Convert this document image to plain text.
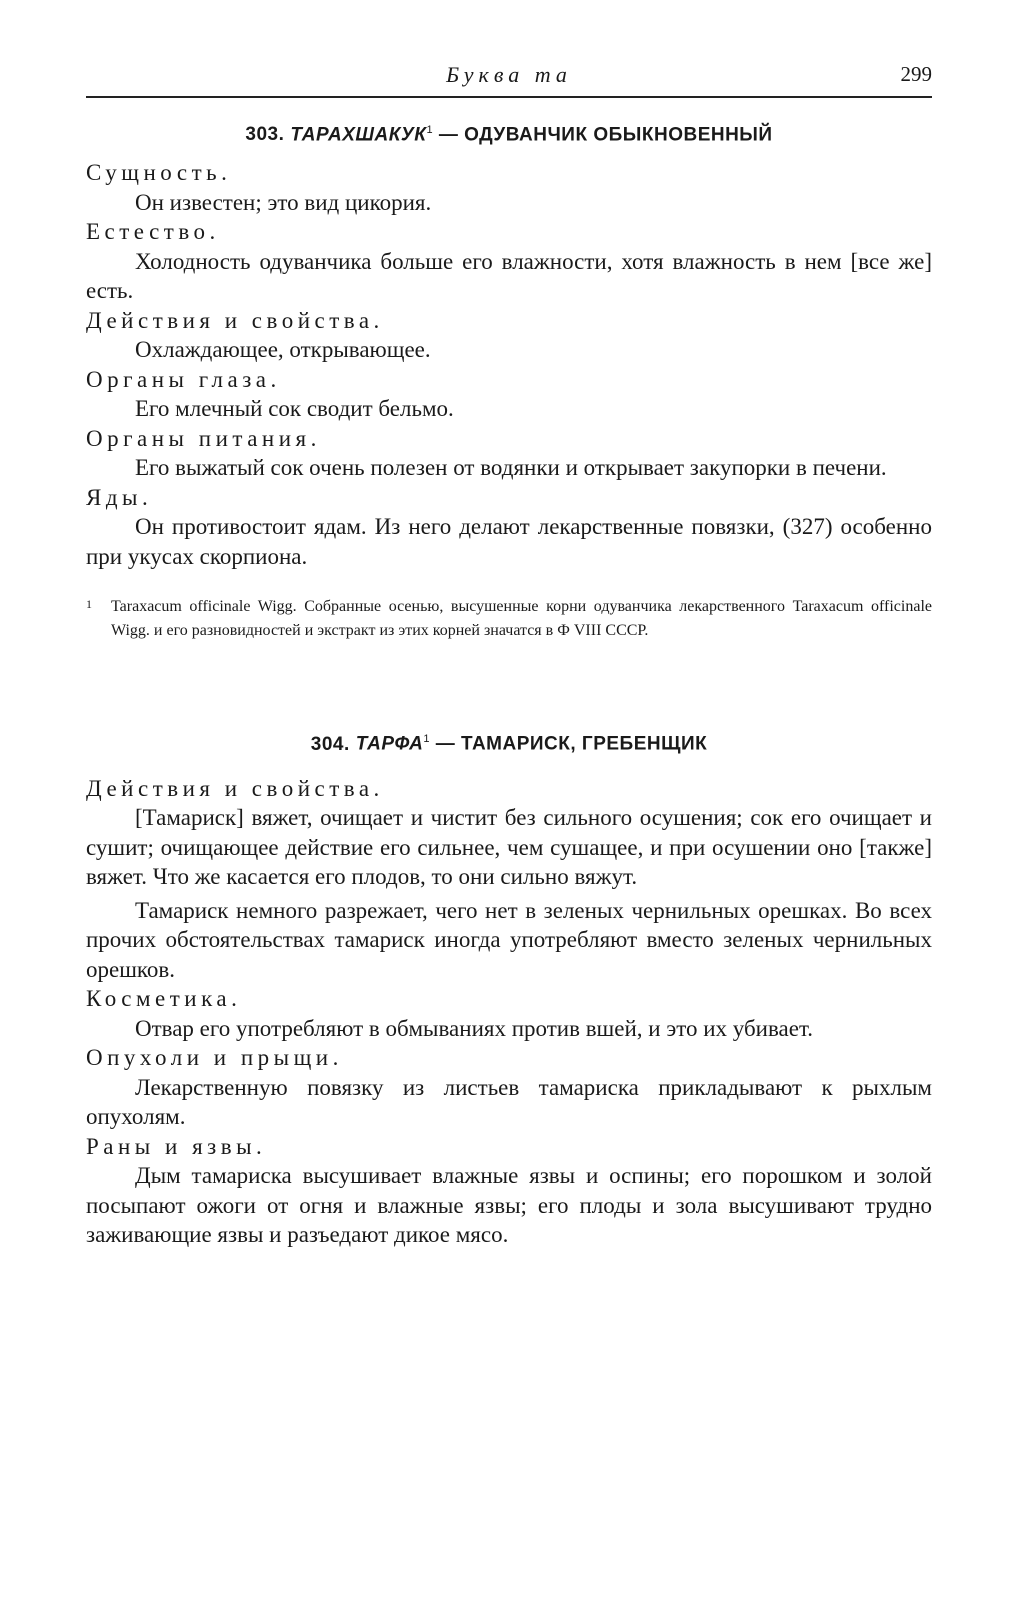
Буква та	299
303. ТАРАХШАКУК$^1$ — ОДУВАНЧИК ОБЫКНОВЕННЫЙ

Сущность.

Он известен; это вид цикория.

Естество.

Холодность одуванчика больше его влажности, хотя влажность в нем [все же] есть.

Действия и свойства.

Охлаждающее, открывающее.

Органы глаза.

Его млечный сок сводит бельмо.

Органы питания.

Его выжатый сок очень полезен от водянки и открывает закупорки в печени.

Яды.

Он противостоит ядам. Из него делают лекарственные повязки, (327) особенно при укусах скорпиона.

1 Taraxacum officinale Wigg. Собранные осенью, высушенные корни одуванчика лекарственного Taraxacum officinale Wigg. и его разновидностей и экстракт из этих корней значатся в Ф VIII СССР.

304. ТАРФА$^1$ — ТАМАРИСК, ГРЕБЕНЩИК

Действия и свойства.

[Тамариск] вяжет, очищает и чистит без сильного осушения; сок его очищает и сушит; очищающее действие его сильнее, чем сушащее, и при осушении оно [также] вяжет. Что же касается его плодов, то они сильно вяжут.

Тамариск немного разрежает, чего нет в зеленых чернильных орешках. Во всех прочих обстоятельствах тамариск иногда употребляют вместо зеленых чернильных орешков.

Косметика.

Отвар его употребляют в обмываниях против вшей, и это их убивает.

Опухоли и прыщи.

Лекарственную повязку из листьев тамариска прикладывают к рыхлым опухолям.

Раны и язвы.

Дым тамариска высушивает влажные язвы и оспины; его порошком и золой посыпают ожоги от огня и влажные язвы; его плоды и зола высушивают трудно заживающие язвы и разъедают дикое мясо.
